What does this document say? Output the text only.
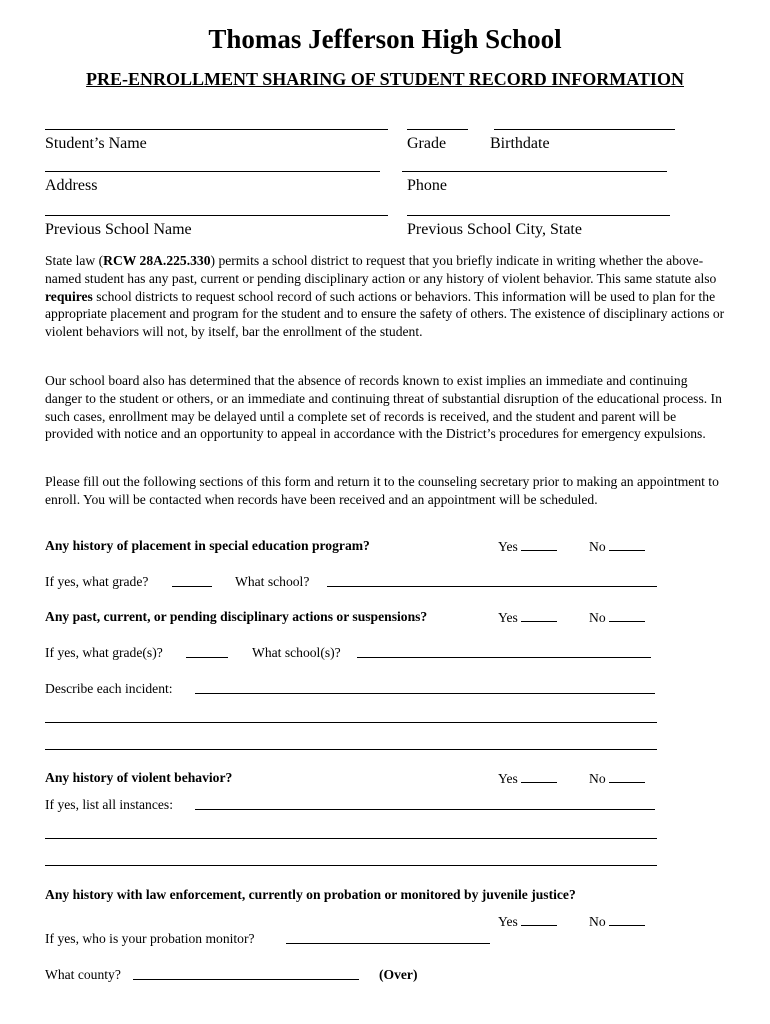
Thomas Jefferson High School
PRE-ENROLLMENT SHARING OF STUDENT RECORD INFORMATION
Student’s Name	Grade	Birthdate
Address	Phone
Previous School Name	Previous School City, State
State law (RCW 28A.225.330) permits a school district to request that you briefly indicate in writing whether the above-named student has any past, current or pending disciplinary action or any history of violent behavior. This same statute also requires school districts to request school record of such actions or behaviors. This information will be used to plan for the appropriate placement and program for the student and to ensure the safety of others. The existence of disciplinary actions or violent behaviors will not, by itself, bar the enrollment of the student.
Our school board also has determined that the absence of records known to exist implies an immediate and continuing danger to the student or others, or an immediate and continuing threat of substantial disruption of the educational process. In such cases, enrollment may be delayed until a complete set of records is received, and the student and parent will be provided with notice and an opportunity to appeal in accordance with the District’s procedures for emergency expulsions.
Please fill out the following sections of this form and return it to the counseling secretary prior to making an appointment to enroll. You will be contacted when records have been received and an appointment will be scheduled.
Any history of placement in special education program?	Yes	No
If yes, what grade?	What school?
Any past, current, or pending disciplinary actions or suspensions?	Yes	No
If yes, what grade(s)?	What school(s)?
Describe each incident:
Any history of violent behavior?	Yes	No
If yes, list all instances:
Any history with law enforcement, currently on probation or monitored by juvenile justice?
Yes	No
If yes, who is your probation monitor?
What county?	(Over)
